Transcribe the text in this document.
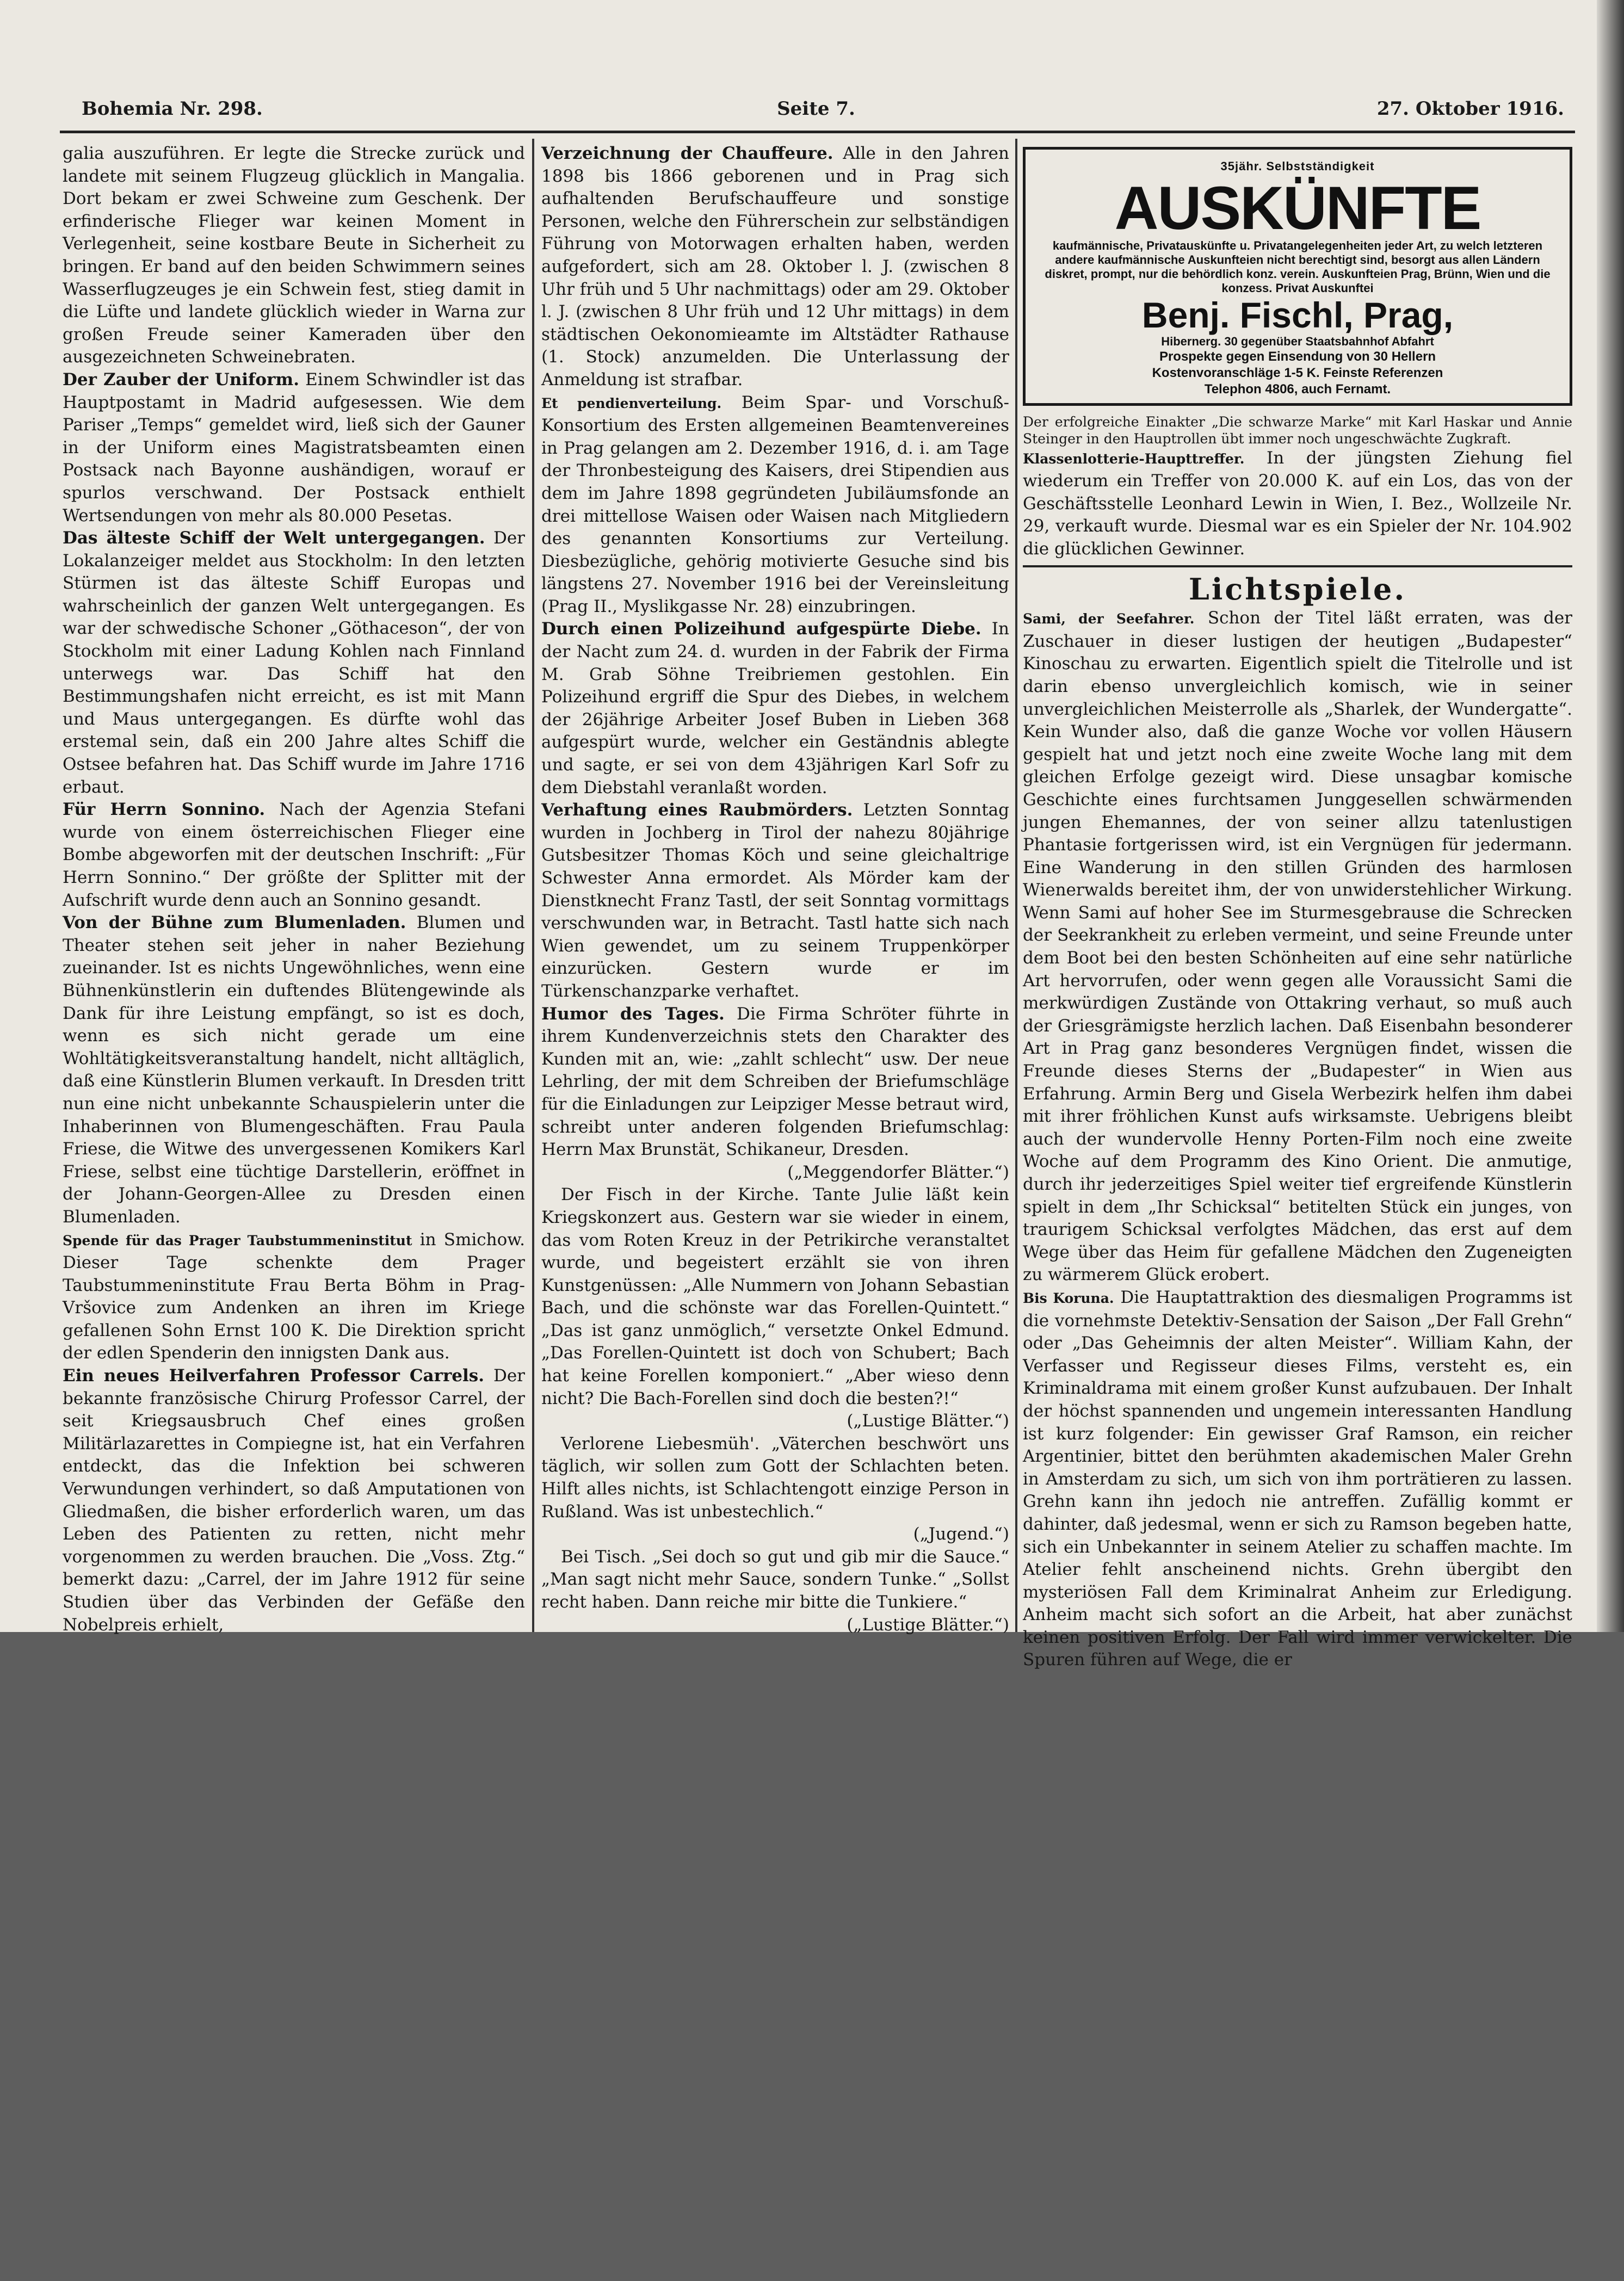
Bohemia Nr. 298.	Seite 7.	27. Oktober 1916.

galia auszuführen. Er legte die Strecke zurück und landete mit seinem Flugzeug glücklich in Mangalia. Dort bekam er zwei Schweine zum Geschenk. Der erfinderische Flieger war keinen Moment in Verlegenheit, seine kostbare Beute in Sicherheit zu bringen. Er band auf den beiden Schwimmern seines Wasserflugzeuges je ein Schwein fest, stieg damit in die Lüfte und landete glücklich wieder in Warna zur großen Freude seiner Kameraden über den ausgezeichneten Schweinebraten.

Der Zauber der Uniform. Einem Schwindler ist das Hauptpostamt in Madrid aufgesessen. Wie dem Pariser „Temps“ gemeldet wird, ließ sich der Gauner in der Uniform eines Magistratsbeamten einen Postsack nach Bayonne aushändigen, worauf er spurlos verschwand. Der Postsack enthielt Wertsendungen von mehr als 80.000 Pesetas.

Das älteste Schiff der Welt untergegangen. Der Lokalanzeiger meldet aus Stockholm: In den letzten Stürmen ist das älteste Schiff Europas und wahrscheinlich der ganzen Welt untergegangen. Es war der schwedische Schoner „Göthaceson“, der von Stockholm mit einer Ladung Kohlen nach Finnland unterwegs war. Das Schiff hat den Bestimmungshafen nicht erreicht, es ist mit Mann und Maus untergegangen. Es dürfte wohl das erstemal sein, daß ein 200 Jahre altes Schiff die Ostsee befahren hat. Das Schiff wurde im Jahre 1716 erbaut.

Für Herrn Sonnino. Nach der Agenzia Stefani wurde von einem österreichischen Flieger eine Bombe abgeworfen mit der deutschen Inschrift: „Für Herrn Sonnino.“ Der größte der Splitter mit der Aufschrift wurde denn auch an Sonnino gesandt.

Von der Bühne zum Blumenladen. Blumen und Theater stehen seit jeher in naher Beziehung zueinander. Ist es nichts Ungewöhnliches, wenn eine Bühnenkünstlerin ein duftendes Blütengewinde als Dank für ihre Leistung empfängt, so ist es doch, wenn es sich nicht gerade um eine Wohltätigkeitsveranstaltung handelt, nicht alltäglich, daß eine Künstlerin Blumen verkauft. In Dresden tritt nun eine nicht unbekannte Schauspielerin unter die Inhaberinnen von Blumengeschäften. Frau Paula Friese, die Witwe des unvergessenen Komikers Karl Friese, selbst eine tüchtige Darstellerin, eröffnet in der Johann-Georgen-Allee zu Dresden einen Blumenladen.

Spende für das Prager Taubstummeninstitut in Smichow. Dieser Tage schenkte dem Prager Taubstummeninstitute Frau Berta Böhm in Prag-Vršovice zum Andenken an ihren im Kriege gefallenen Sohn Ernst 100 K. Die Direktion spricht der edlen Spenderin den innigsten Dank aus.

Ein neues Heilverfahren Professor Carrels. Der bekannte französische Chirurg Professor Carrel, der seit Kriegsausbruch Chef eines großen Militärlazarettes in Compiegne ist, hat ein Verfahren entdeckt, das die Infektion bei schweren Verwundungen verhindert, so daß Amputationen von Gliedmaßen, die bisher erforderlich waren, um das Leben des Patienten zu retten, nicht mehr vorgenommen zu werden brauchen. Die „Voss. Ztg.“ bemerkt dazu: „Carrel, der im Jahre 1912 für seine Studien über das Verbinden der Gefäße den Nobelpreis erhielt,

Verzeichnung der Chauffeure. Alle in den Jahren 1898 bis 1866 geborenen und in Prag sich aufhaltenden Berufschauffeure und sonstige Personen, welche den Führerschein zur selbständigen Führung von Motorwagen erhalten haben, werden aufgefordert, sich am 28. Oktober l. J. (zwischen 8 Uhr früh und 5 Uhr nachmittags) oder am 29. Oktober l. J. (zwischen 8 Uhr früh und 12 Uhr mittags) in dem städtischen Oekonomieamte im Altstädter Rathause (1. Stock) anzumelden. Die Unterlassung der Anmeldung ist strafbar.

Et pendienverteilung. Beim Spar- und Vorschuß-Konsortium des Ersten allgemeinen Beamtenvereines in Prag gelangen am 2. Dezember 1916, d. i. am Tage der Thronbesteigung des Kaisers, drei Stipendien aus dem im Jahre 1898 gegründeten Jubiläumsfonde an drei mittellose Waisen oder Waisen nach Mitgliedern des genannten Konsortiums zur Verteilung. Diesbezügliche, gehörig motivierte Gesuche sind bis längstens 27. November 1916 bei der Vereinsleitung (Prag II., Myslikgasse Nr. 28) einzubringen.

Durch einen Polizeihund aufgespürte Diebe. In der Nacht zum 24. d. wurden in der Fabrik der Firma M. Grab Söhne Treibriemen gestohlen. Ein Polizeihund ergriff die Spur des Diebes, in welchem der 26jährige Arbeiter Josef Buben in Lieben 368 aufgespürt wurde, welcher ein Geständnis ablegte und sagte, er sei von dem 43jährigen Karl Sofr zu dem Diebstahl veranlaßt worden.

Verhaftung eines Raubmörders. Letzten Sonntag wurden in Jochberg in Tirol der nahezu 80jährige Gutsbesitzer Thomas Köch und seine gleichaltrige Schwester Anna ermordet. Als Mörder kam der Dienstknecht Franz Tastl, der seit Sonntag vormittags verschwunden war, in Betracht. Tastl hatte sich nach Wien gewendet, um zu seinem Truppenkörper einzurücken. Gestern wurde er im Türkenschanzparke verhaftet.

Humor des Tages. Die Firma Schröter führte in ihrem Kundenverzeichnis stets den Charakter des Kunden mit an, wie: „zahlt schlecht“ usw. Der neue Lehrling, der mit dem Schreiben der Briefumschläge für die Einladungen zur Leipziger Messe betraut wird, schreibt unter anderen folgenden Briefumschlag: Herrn Max Brunstät, Schikaneur, Dresden.

(„Meggendorfer Blätter.“)

Der Fisch in der Kirche. Tante Julie läßt kein Kriegskonzert aus. Gestern war sie wieder in einem, das vom Roten Kreuz in der Petrikirche veranstaltet wurde, und begeistert erzählt sie von ihren Kunstgenüssen: „Alle Nummern von Johann Sebastian Bach, und die schönste war das Forellen-Quintett.“ „Das ist ganz unmöglich,“ versetzte Onkel Edmund. „Das Forellen-Quintett ist doch von Schubert; Bach hat keine Forellen komponiert.“ „Aber wieso denn nicht? Die Bach-Forellen sind doch die besten?!“

(„Lustige Blätter.“)

Verlorene Liebesmüh'. „Väterchen beschwört uns täglich, wir sollen zum Gott der Schlachten beten. Hilft alles nichts, ist Schlachtengott einzige Person in Rußland. Was ist unbestechlich.“

(„Jugend.“)

Bei Tisch. „Sei doch so gut und gib mir die Sauce.“ „Man sagt nicht mehr Sauce, sondern Tunke.“ „Sollst recht haben. Dann reiche mir bitte die Tunkiere.“

(„Lustige Blätter.“)

35jähr. Selbstständigkeit
AUSKÜNFTE
kaufmännische, Privatauskünfte u. Privatangelegenheiten jeder Art, zu welch letzteren andere kaufmännische Auskunfteien nicht berechtigt sind, besorgt aus allen Ländern diskret, prompt, nur die behördlich konz. verein. Auskunfteien Prag, Brünn, Wien und die konzess. Privat Auskunftei
Benj. Fischl, Prag,
Hibernerg. 30 gegenüber Staatsbahnhof Abfahrt
Prospekte gegen Einsendung von 30 Hellern
Kostenvoranschläge 1-5 K. Feinste Referenzen
Telephon 4806, auch Fernamt.

Der erfolgreiche Einakter „Die schwarze Marke“ mit Karl Haskar und Annie Steinger in den Hauptrollen übt immer noch ungeschwächte Zugkraft.

Klassenlotterie-Haupttreffer. In der jüngsten Ziehung fiel wiederum ein Treffer von 20.000 K. auf ein Los, das von der Geschäftsstelle Leonhard Lewin in Wien, I. Bez., Wollzeile Nr. 29, verkauft wurde. Diesmal war es ein Spieler der Nr. 104.902 die glücklichen Gewinner.

Lichtspiele.

Sami, der Seefahrer. Schon der Titel läßt erraten, was der Zuschauer in dieser lustigen der heutigen „Budapester“ Kinoschau zu erwarten. Eigentlich spielt die Titelrolle und ist darin ebenso unvergleichlich komisch, wie in seiner unvergleichlichen Meisterrolle als „Sharlek, der Wundergatte“. Kein Wunder also, daß die ganze Woche vor vollen Häusern gespielt hat und jetzt noch eine zweite Woche lang mit dem gleichen Erfolge gezeigt wird. Diese unsagbar komische Geschichte eines furchtsamen Junggesellen schwärmenden jungen Ehemannes, der von seiner allzu tatenlustigen Phantasie fortgerissen wird, ist ein Vergnügen für jedermann. Eine Wanderung in den stillen Gründen des harmlosen Wienerwalds bereitet ihm, der von unwiderstehlicher Wirkung. Wenn Sami auf hoher See im Sturmesgebrause die Schrecken der Seekrankheit zu erleben vermeint, und seine Freunde unter dem Boot bei den besten Schönheiten auf eine sehr natürliche Art hervorrufen, oder wenn gegen alle Voraussicht Sami die merkwürdigen Zustände von Ottakring verhaut, so muß auch der Griesgrämigste herzlich lachen. Daß Eisenbahn besonderer Art in Prag ganz besonderes Vergnügen findet, wissen die Freunde dieses Sterns der „Budapester“ in Wien aus Erfahrung. Armin Berg und Gisela Werbezirk helfen ihm dabei mit ihrer fröhlichen Kunst aufs wirksamste. Uebrigens bleibt auch der wundervolle Henny Porten-Film noch eine zweite Woche auf dem Programm des Kino Orient. Die anmutige, durch ihr jederzeitiges Spiel weiter tief ergreifende Künstlerin spielt in dem „Ihr Schicksal“ betitelten Stück ein junges, von traurigem Schicksal verfolgtes Mädchen, das erst auf dem Wege über das Heim für gefallene Mädchen den Zugeneigten zu wärmerem Glück erobert.

Bis Koruna. Die Hauptattraktion des diesmaligen Programms ist die vornehmste Detektiv-Sensation der Saison „Der Fall Grehn“ oder „Das Geheimnis der alten Meister“. William Kahn, der Verfasser und Regisseur dieses Films, versteht es, ein Kriminaldrama mit einem großer Kunst aufzubauen. Der Inhalt der höchst spannenden und ungemein interessanten Handlung ist kurz folgender: Ein gewisser Graf Ramson, ein reicher Argentinier, bittet den berühmten akademischen Maler Grehn in Amsterdam zu sich, um sich von ihm porträtieren zu lassen. Grehn kann ihn jedoch nie antreffen. Zufällig kommt er dahinter, daß jedesmal, wenn er sich zu Ramson begeben hatte, sich ein Unbekannter in seinem Atelier zu schaffen machte. Im Atelier fehlt anscheinend nichts. Grehn übergibt den mysteriösen Fall dem Kriminalrat Anheim zur Erledigung. Anheim macht sich sofort an die Arbeit, hat aber zunächst keinen positiven Erfolg. Der Fall wird immer verwickelter. Die Spuren führen auf Wege, die er
